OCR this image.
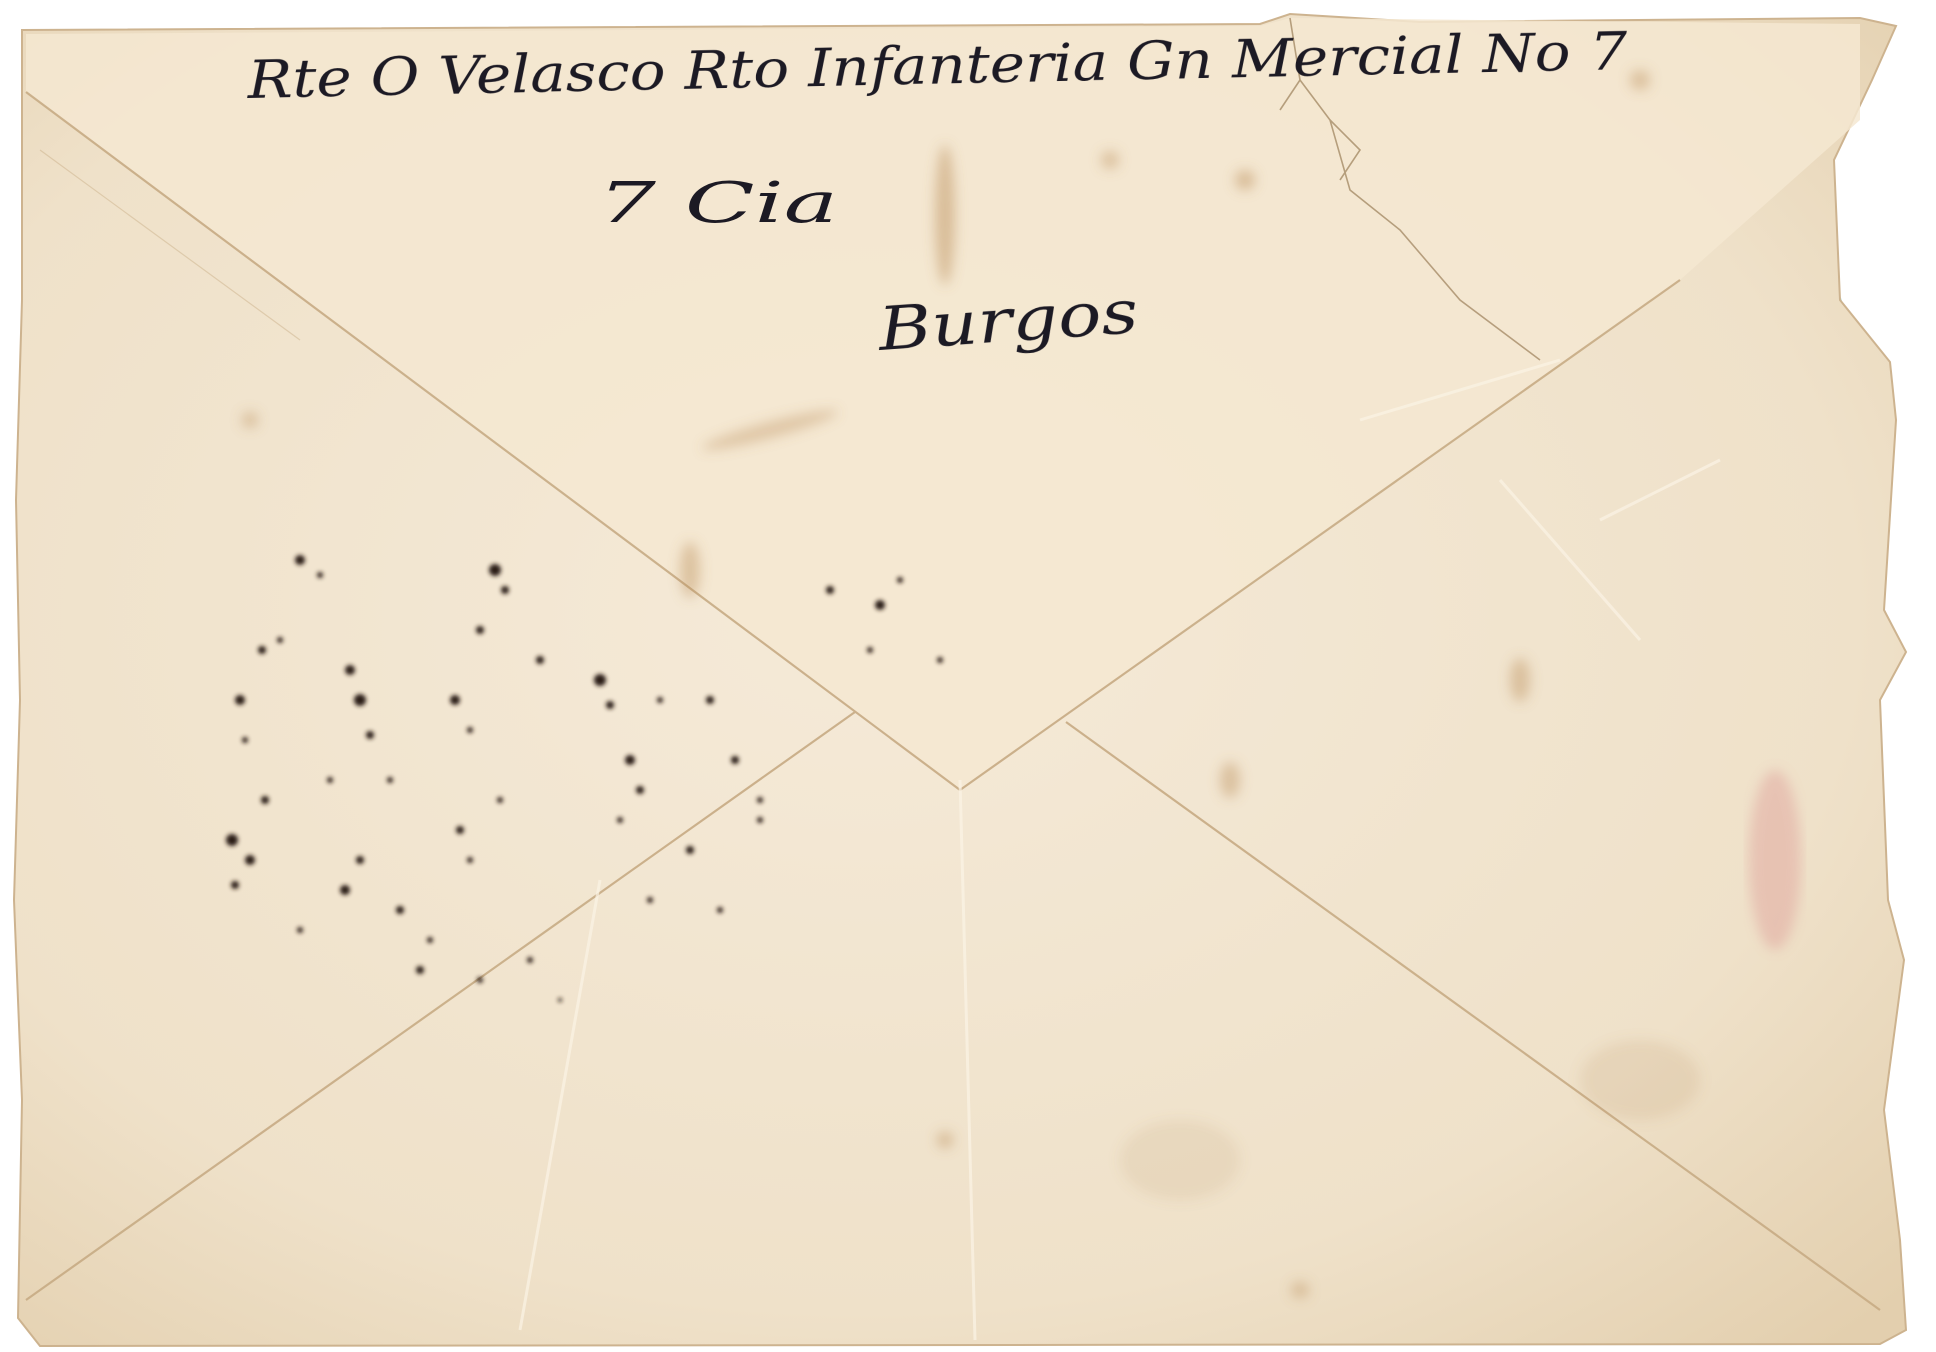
Rte O Velasco Rto Infanteria Gn Mercial No 7
7 Cia
Burgos
